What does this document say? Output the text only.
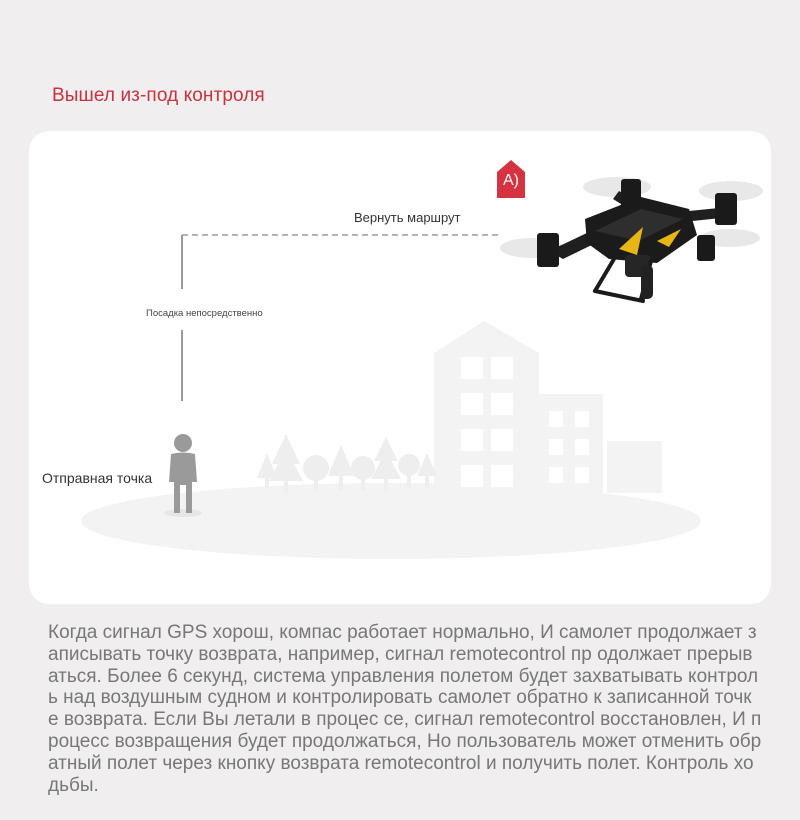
Вышел из-под контроля
A)
Вернуть маршрут
Посадка непосредственно
Отправная точка

Когда сигнал GPS хорош, компас работает нормально, И самолет продолжает записывать точку возврата, например, сигнал remotecontrol пр одолжает прерываться. Более 6 секунд, система управления полетом будет захватывать контроль над воздушным судном и контролировать самолет обратно к записанной точке возврата. Если Вы летали в процес се, сигнал remotecontrol восстановлен, И процесс возвращения будет продолжаться, Но пользователь может отменить обратный полет через кнопку возврата remotecontrol и получить полет. Контроль ходьбы.
